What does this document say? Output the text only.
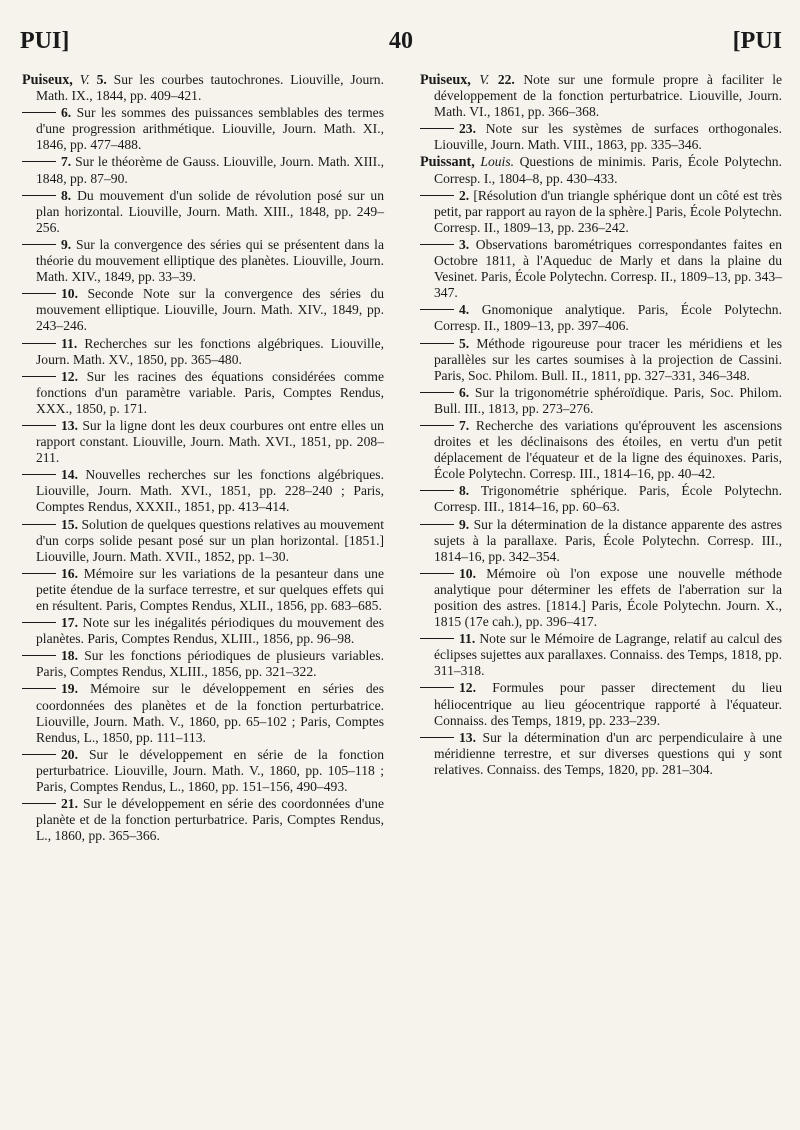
PUI]	40	[PUI

Puiseux, V. 5. Sur les courbes tautochrones. Liouville, Journ. Math. IX., 1844, pp. 409–421.

6. Sur les sommes des puissances semblables des termes d'une progression arithmétique. Liouville, Journ. Math. XI., 1846, pp. 477–488.

7. Sur le théorème de Gauss. Liouville, Journ. Math. XIII., 1848, pp. 87–90.

8. Du mouvement d'un solide de révolution posé sur un plan horizontal. Liouville, Journ. Math. XIII., 1848, pp. 249–256.

9. Sur la convergence des séries qui se présentent dans la théorie du mouvement elliptique des planètes. Liouville, Journ. Math. XIV., 1849, pp. 33–39.

10. Seconde Note sur la convergence des séries du mouvement elliptique. Liouville, Journ. Math. XIV., 1849, pp. 243–246.

11. Recherches sur les fonctions algébriques. Liouville, Journ. Math. XV., 1850, pp. 365–480.

12. Sur les racines des équations considérées comme fonctions d'un paramètre variable. Paris, Comptes Rendus, XXX., 1850, p. 171.

13. Sur la ligne dont les deux courbures ont entre elles un rapport constant. Liouville, Journ. Math. XVI., 1851, pp. 208–211.

14. Nouvelles recherches sur les fonctions algébriques. Liouville, Journ. Math. XVI., 1851, pp. 228–240 ; Paris, Comptes Rendus, XXXII., 1851, pp. 413–414.

15. Solution de quelques questions relatives au mouvement d'un corps solide pesant posé sur un plan horizontal. [1851.] Liouville, Journ. Math. XVII., 1852, pp. 1–30.

16. Mémoire sur les variations de la pesanteur dans une petite étendue de la surface terrestre, et sur quelques effets qui en résultent. Paris, Comptes Rendus, XLII., 1856, pp. 683–685.

17. Note sur les inégalités périodiques du mouvement des planètes. Paris, Comptes Rendus, XLIII., 1856, pp. 96–98.

18. Sur les fonctions périodiques de plusieurs variables. Paris, Comptes Rendus, XLIII., 1856, pp. 321–322.

19. Mémoire sur le développement en séries des coordonnées des planètes et de la fonction perturbatrice. Liouville, Journ. Math. V., 1860, pp. 65–102 ; Paris, Comptes Rendus, L., 1850, pp. 111–113.

20. Sur le développement en série de la fonction perturbatrice. Liouville, Journ. Math. V., 1860, pp. 105–118 ; Paris, Comptes Rendus, L., 1860, pp. 151–156, 490–493.

21. Sur le développement en série des coordonnées d'une planète et de la fonction perturbatrice. Paris, Comptes Rendus, L., 1860, pp. 365–366.

Puiseux, V. 22. Note sur une formule propre à faciliter le développement de la fonction perturbatrice. Liouville, Journ. Math. VI., 1861, pp. 366–368.

23. Note sur les systèmes de surfaces orthogonales. Liouville, Journ. Math. VIII., 1863, pp. 335–346.

Puissant, Louis. Questions de minimis. Paris, École Polytechn. Corresp. I., 1804–8, pp. 430–433.

2. [Résolution d'un triangle sphérique dont un côté est très petit, par rapport au rayon de la sphère.] Paris, École Polytechn. Corresp. II., 1809–13, pp. 236–242.

3. Observations barométriques correspondantes faites en Octobre 1811, à l'Aqueduc de Marly et dans la plaine du Vesinet. Paris, École Polytechn. Corresp. II., 1809–13, pp. 343–347.

4. Gnomonique analytique. Paris, École Polytechn. Corresp. II., 1809–13, pp. 397–406.

5. Méthode rigoureuse pour tracer les méridiens et les parallèles sur les cartes soumises à la projection de Cassini. Paris, Soc. Philom. Bull. II., 1811, pp. 327–331, 346–348.

6. Sur la trigonométrie sphéroïdique. Paris, Soc. Philom. Bull. III., 1813, pp. 273–276.

7. Recherche des variations qu'éprouvent les ascensions droites et les déclinaisons des étoiles, en vertu d'un petit déplacement de l'équateur et de la ligne des équinoxes. Paris, École Polytechn. Corresp. III., 1814–16, pp. 40–42.

8. Trigonométrie sphérique. Paris, École Polytechn. Corresp. III., 1814–16, pp. 60–63.

9. Sur la détermination de la distance apparente des astres sujets à la parallaxe. Paris, École Polytechn. Corresp. III., 1814–16, pp. 342–354.

10. Mémoire où l'on expose une nouvelle méthode analytique pour déterminer les effets de l'aberration sur la position des astres. [1814.] Paris, École Polytechn. Journ. X., 1815 (17e cah.), pp. 396–417.

11. Note sur le Mémoire de Lagrange, relatif au calcul des éclipses sujettes aux parallaxes. Connaiss. des Temps, 1818, pp. 311–318.

12. Formules pour passer directement du lieu héliocentrique au lieu géocentrique rapporté à l'équateur. Connaiss. des Temps, 1819, pp. 233–239.

13. Sur la détermination d'un arc perpendiculaire à une méridienne terrestre, et sur diverses questions qui y sont relatives. Connaiss. des Temps, 1820, pp. 281–304.
